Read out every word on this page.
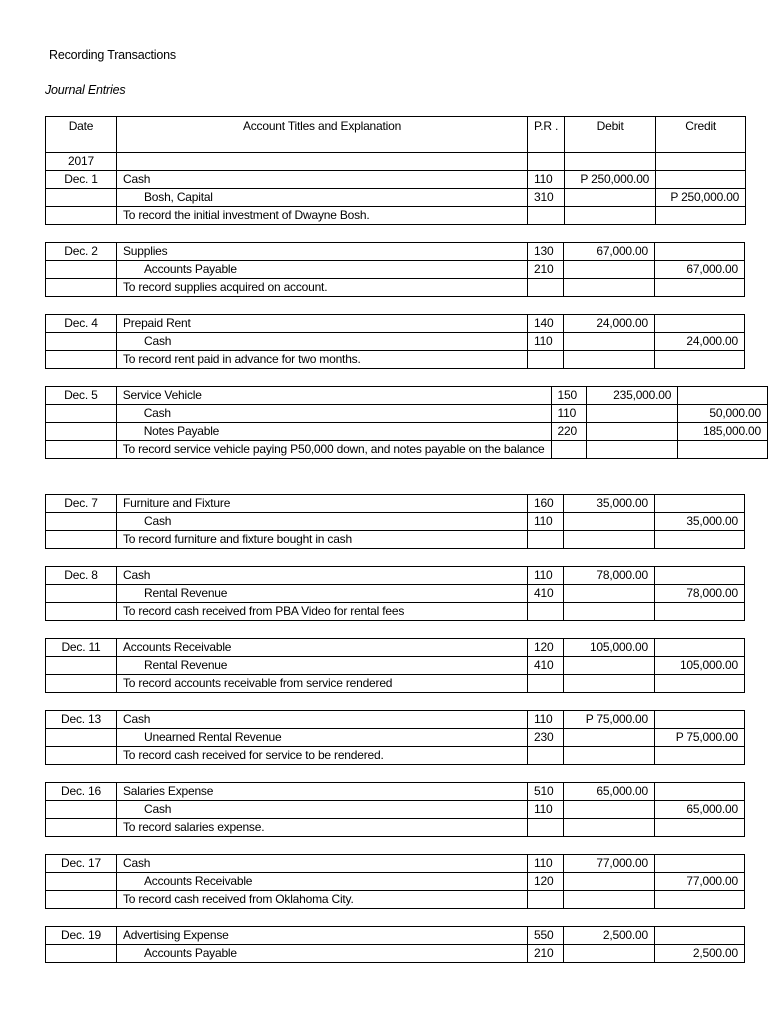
Recording Transactions
Journal Entries
Date	Account Titles and Explanation	P.R .	Debit	Credit
2017				
Dec. 1	Cash	110	P 250,000.00	
	Bosh, Capital	310		P 250,000.00
	To record the initial investment of Dwayne Bosh.			
Dec. 2	Supplies	130	67,000.00	
	Accounts Payable	210		67,000.00
	To record supplies acquired on account.			
Dec. 4	Prepaid Rent	140	24,000.00	
	Cash	110		24,000.00
	To record rent paid in advance for two months.			
Dec. 5	Service Vehicle	150	235,000.00	
	Cash	110		50,000.00
	Notes Payable	220		185,000.00
	To record service vehicle paying P50,000 down, and notes payable on the balance			
Dec. 7	Furniture and Fixture	160	35,000.00	
	Cash	110		35,000.00
	To record furniture and fixture bought in cash			
Dec. 8	Cash	110	78,000.00	
	Rental Revenue	410		78,000.00
	To record cash received from PBA Video for rental fees			
Dec. 11	Accounts Receivable	120	105,000.00	
	Rental Revenue	410		105,000.00
	To record accounts receivable from service rendered			
Dec. 13	Cash	110	P 75,000.00	
	Unearned Rental Revenue	230		P 75,000.00
	To record cash received for service to be rendered.			
Dec. 16	Salaries Expense	510	65,000.00	
	Cash	110		65,000.00
	To record salaries expense.			
Dec. 17	Cash	110	77,000.00	
	Accounts Receivable	120		77,000.00
	To record cash received from Oklahoma City.			
Dec. 19	Advertising Expense	550	2,500.00	
	Accounts Payable	210		2,500.00
